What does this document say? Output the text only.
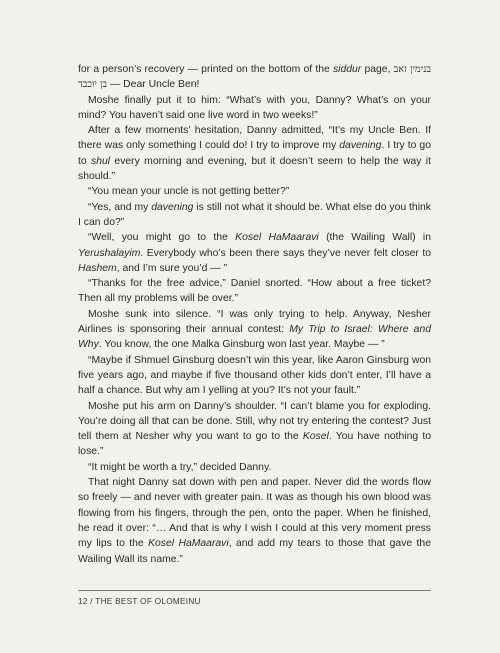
for a person’s recovery — printed on the bottom of the siddur page, בנימין זאב בן יוכבד — Dear Uncle Ben!

Moshe finally put it to him: “What’s with you, Danny? What’s on your mind? You haven’t said one live word in two weeks!”

After a few moments’ hesitation, Danny admitted, “It’s my Uncle Ben. If there was only something I could do! I try to improve my davening. I try to go to shul every morning and evening, but it doesn’t seem to help the way it should.”

“You mean your uncle is not getting better?”

“Yes, and my davening is still not what it should be. What else do you think I can do?”

“Well, you might go to the Kosel HaMaaravi (the Wailing Wall) in Yerushalayim. Everybody who’s been there says they’ve never felt closer to Hashem, and I’m sure you’d — ”

“Thanks for the free advice,” Daniel snorted. “How about a free ticket? Then all my problems will be over.”

Moshe sunk into silence. “I was only trying to help. Anyway, Nesher Airlines is sponsoring their annual contest: My Trip to Israel: Where and Why. You know, the one Malka Ginsburg won last year. Maybe — ”

“Maybe if Shmuel Ginsburg doesn’t win this year, like Aaron Ginsburg won five years ago, and maybe if five thousand other kids don’t enter, I’ll have a half a chance. But why am I yelling at you? It’s not your fault.”

Moshe put his arm on Danny’s shoulder. “I can’t blame you for exploding. You’re doing all that can be done. Still, why not try entering the contest? Just tell them at Nesher why you want to go to the Kosel. You have nothing to lose.”

“It might be worth a try,” decided Danny.

That night Danny sat down with pen and paper. Never did the words flow so freely — and never with greater pain. It was as though his own blood was flowing from his fingers, through the pen, onto the paper. When he finished, he read it over: “… And that is why I wish I could at this very moment press my lips to the Kosel HaMaaravi, and add my tears to those that gave the Wailing Wall its name.”

12 / THE BEST OF OLOMEINU
